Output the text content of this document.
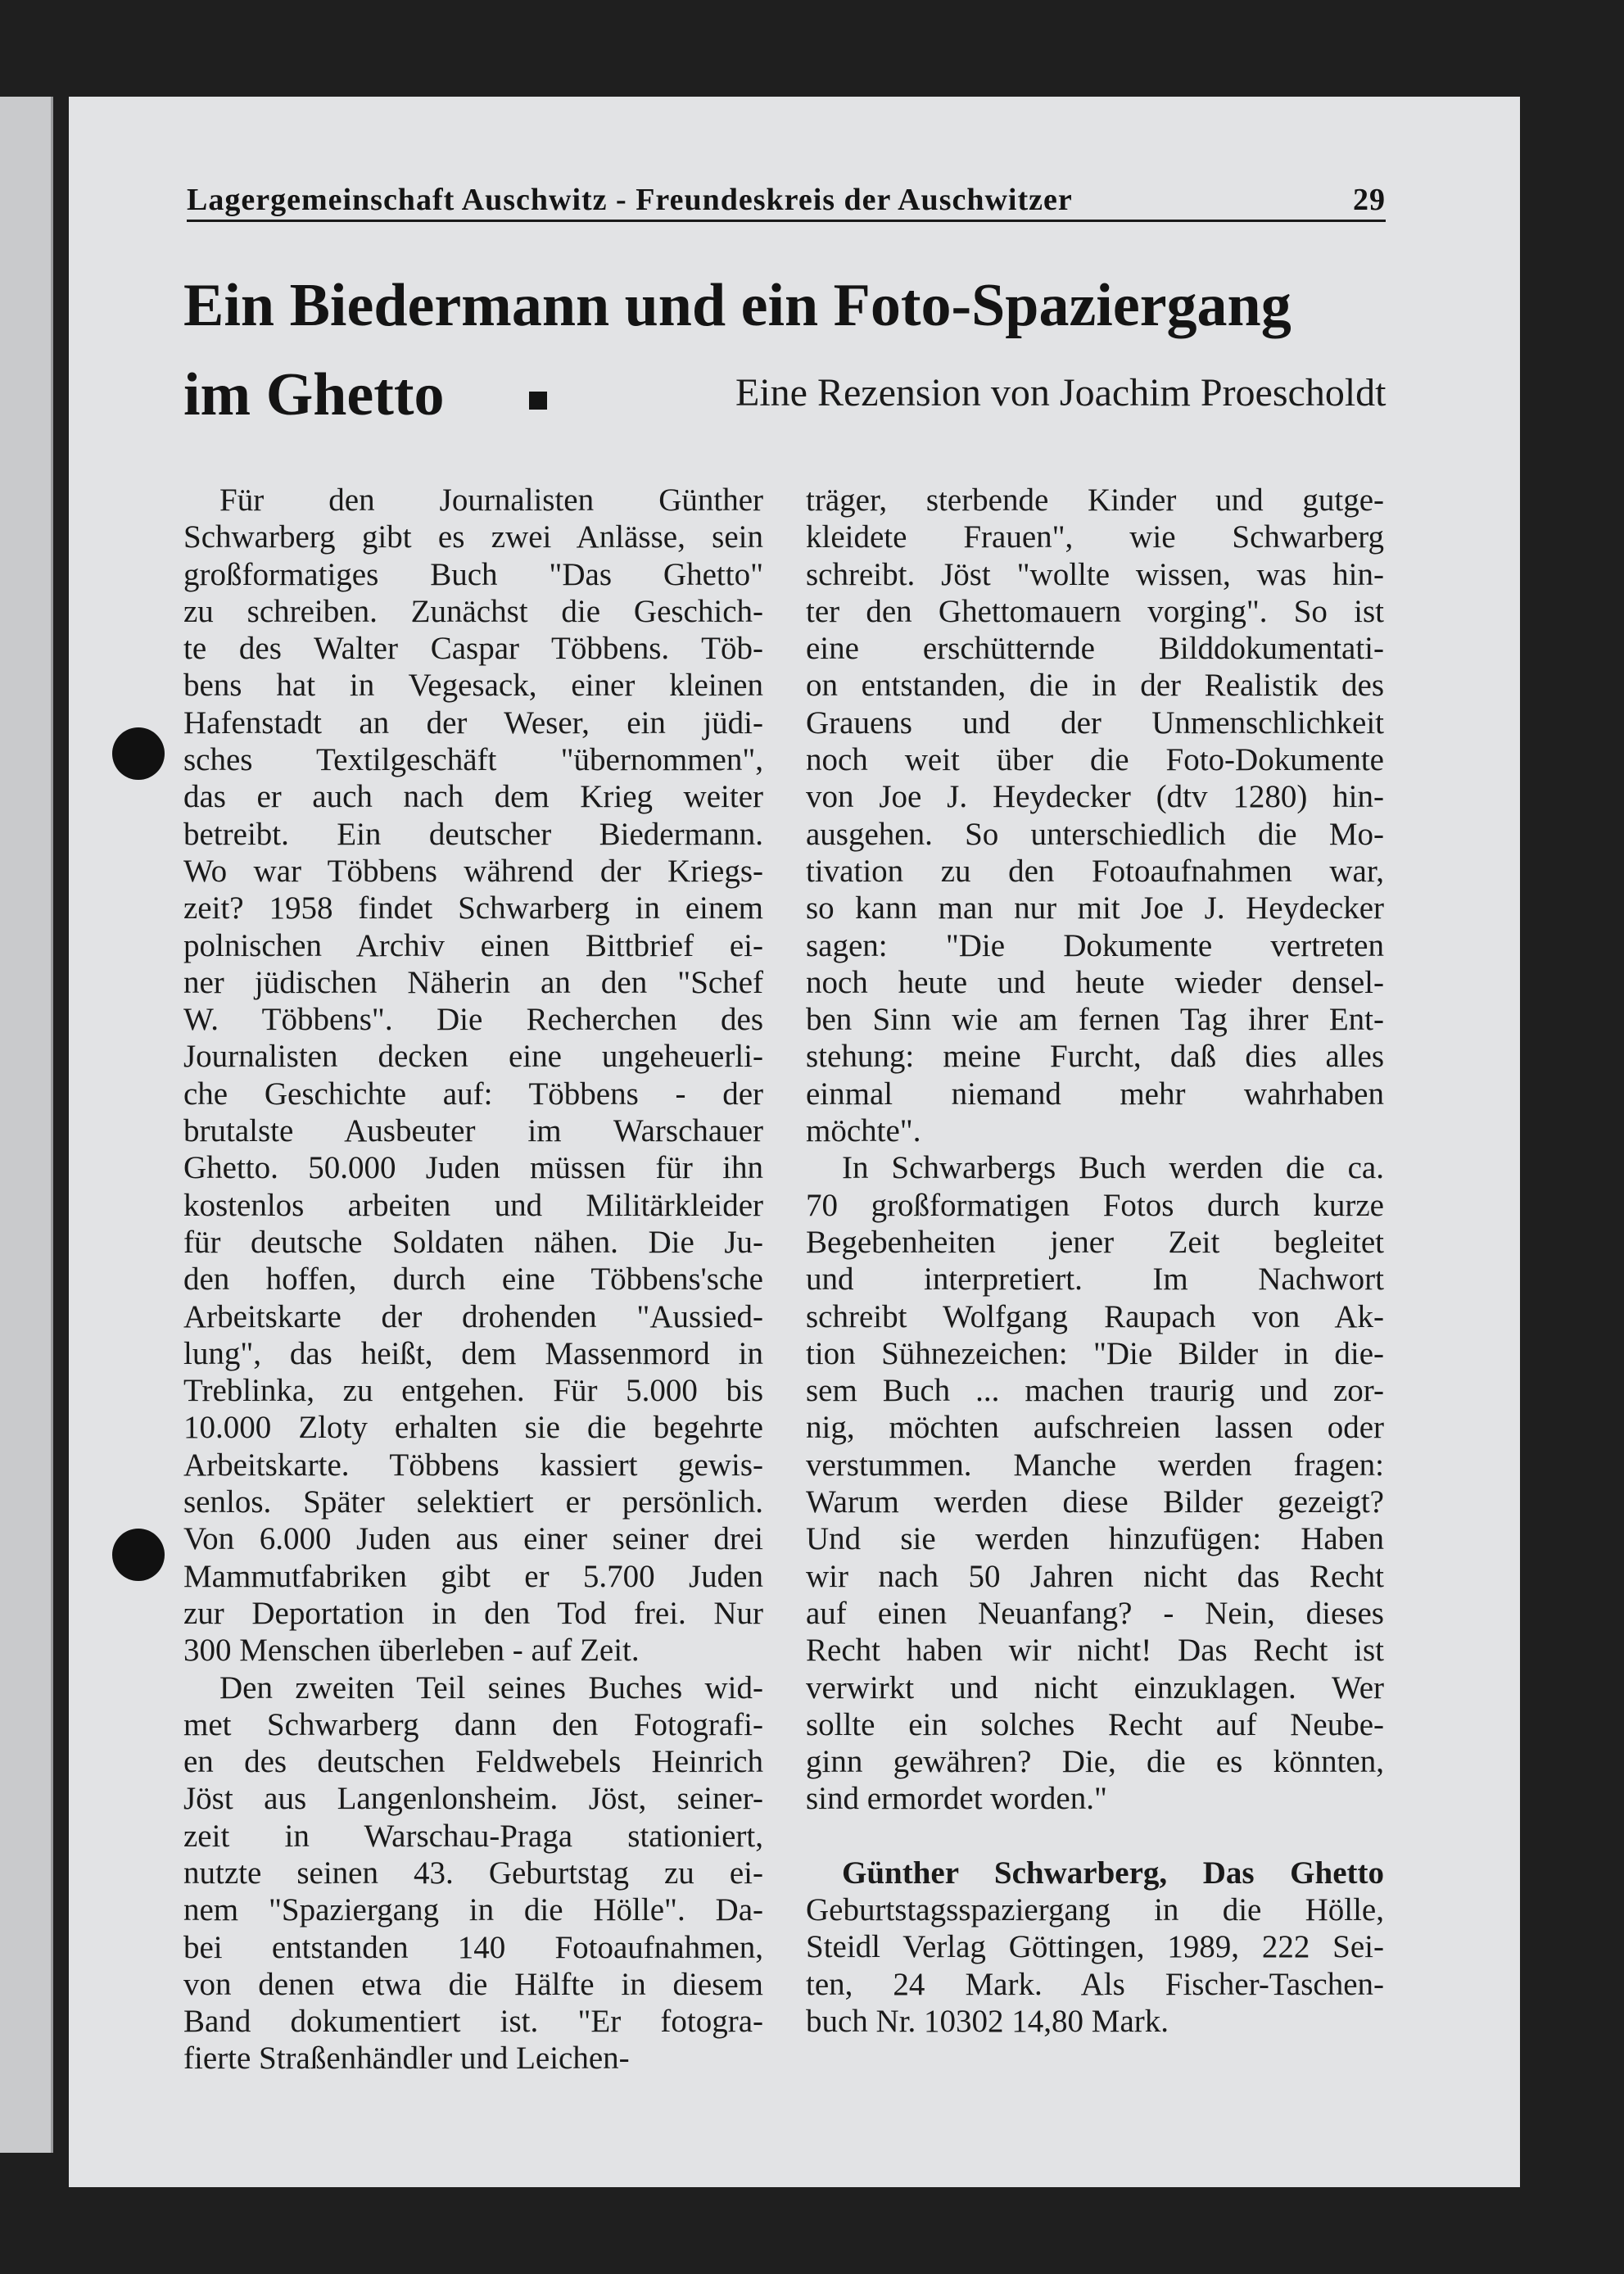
Lagergemeinschaft Auschwitz - Freundeskreis der Auschwitzer	29
Ein Biedermann und ein Foto-Spaziergang
im Ghetto	Eine Rezension von Joachim Proescholdt
Für den Journalisten Günther
Schwarberg gibt es zwei Anlässe, sein
großformatiges Buch "Das Ghetto"
zu schreiben. Zunächst die Geschich-
te des Walter Caspar Többens. Töb-
bens hat in Vegesack, einer kleinen
Hafenstadt an der Weser, ein jüdi-
sches Textilgeschäft "übernommen",
das er auch nach dem Krieg weiter
betreibt. Ein deutscher Biedermann.
Wo war Többens während der Kriegs-
zeit? 1958 findet Schwarberg in einem
polnischen Archiv einen Bittbrief ei-
ner jüdischen Näherin an den "Schef
W. Többens". Die Recherchen des
Journalisten decken eine ungeheuerli-
che Geschichte auf: Többens - der
brutalste Ausbeuter im Warschauer
Ghetto. 50.000 Juden müssen für ihn
kostenlos arbeiten und Militärkleider
für deutsche Soldaten nähen. Die Ju-
den hoffen, durch eine Többens'sche
Arbeitskarte der drohenden "Aussied-
lung", das heißt, dem Massenmord in
Treblinka, zu entgehen. Für 5.000 bis
10.000 Zloty erhalten sie die begehrte
Arbeitskarte. Többens kassiert gewis-
senlos. Später selektiert er persönlich.
Von 6.000 Juden aus einer seiner drei
Mammutfabriken gibt er 5.700 Juden
zur Deportation in den Tod frei. Nur
300 Menschen überleben - auf Zeit.
Den zweiten Teil seines Buches wid-
met Schwarberg dann den Fotografi-
en des deutschen Feldwebels Heinrich
Jöst aus Langenlonsheim. Jöst, seiner-
zeit in Warschau-Praga stationiert,
nutzte seinen 43. Geburtstag zu ei-
nem "Spaziergang in die Hölle". Da-
bei entstanden 140 Fotoaufnahmen,
von denen etwa die Hälfte in diesem
Band dokumentiert ist. "Er fotogra-
fierte Straßenhändler und Leichen-
träger, sterbende Kinder und gutge-
kleidete Frauen", wie Schwarberg
schreibt. Jöst "wollte wissen, was hin-
ter den Ghettomauern vorging". So ist
eine erschütternde Bilddokumentati-
on entstanden, die in der Realistik des
Grauens und der Unmenschlichkeit
noch weit über die Foto-Dokumente
von Joe J. Heydecker (dtv 1280) hin-
ausgehen. So unterschiedlich die Mo-
tivation zu den Fotoaufnahmen war,
so kann man nur mit Joe J. Heydecker
sagen: "Die Dokumente vertreten
noch heute und heute wieder densel-
ben Sinn wie am fernen Tag ihrer Ent-
stehung: meine Furcht, daß dies alles
einmal niemand mehr wahrhaben
möchte".
In Schwarbergs Buch werden die ca.
70 großformatigen Fotos durch kurze
Begebenheiten jener Zeit begleitet
und interpretiert. Im Nachwort
schreibt Wolfgang Raupach von Ak-
tion Sühnezeichen: "Die Bilder in die-
sem Buch ... machen traurig und zor-
nig, möchten aufschreien lassen oder
verstummen. Manche werden fragen:
Warum werden diese Bilder gezeigt?
Und sie werden hinzufügen: Haben
wir nach 50 Jahren nicht das Recht
auf einen Neuanfang? - Nein, dieses
Recht haben wir nicht! Das Recht ist
verwirkt und nicht einzuklagen. Wer
sollte ein solches Recht auf Neube-
ginn gewähren? Die, die es könnten,
sind ermordet worden."
Günther Schwarberg, Das Ghetto
Geburtstagsspaziergang in die Hölle,
Steidl Verlag Göttingen, 1989, 222 Sei-
ten, 24 Mark. Als Fischer-Taschen-
buch Nr. 10302 14,80 Mark.
